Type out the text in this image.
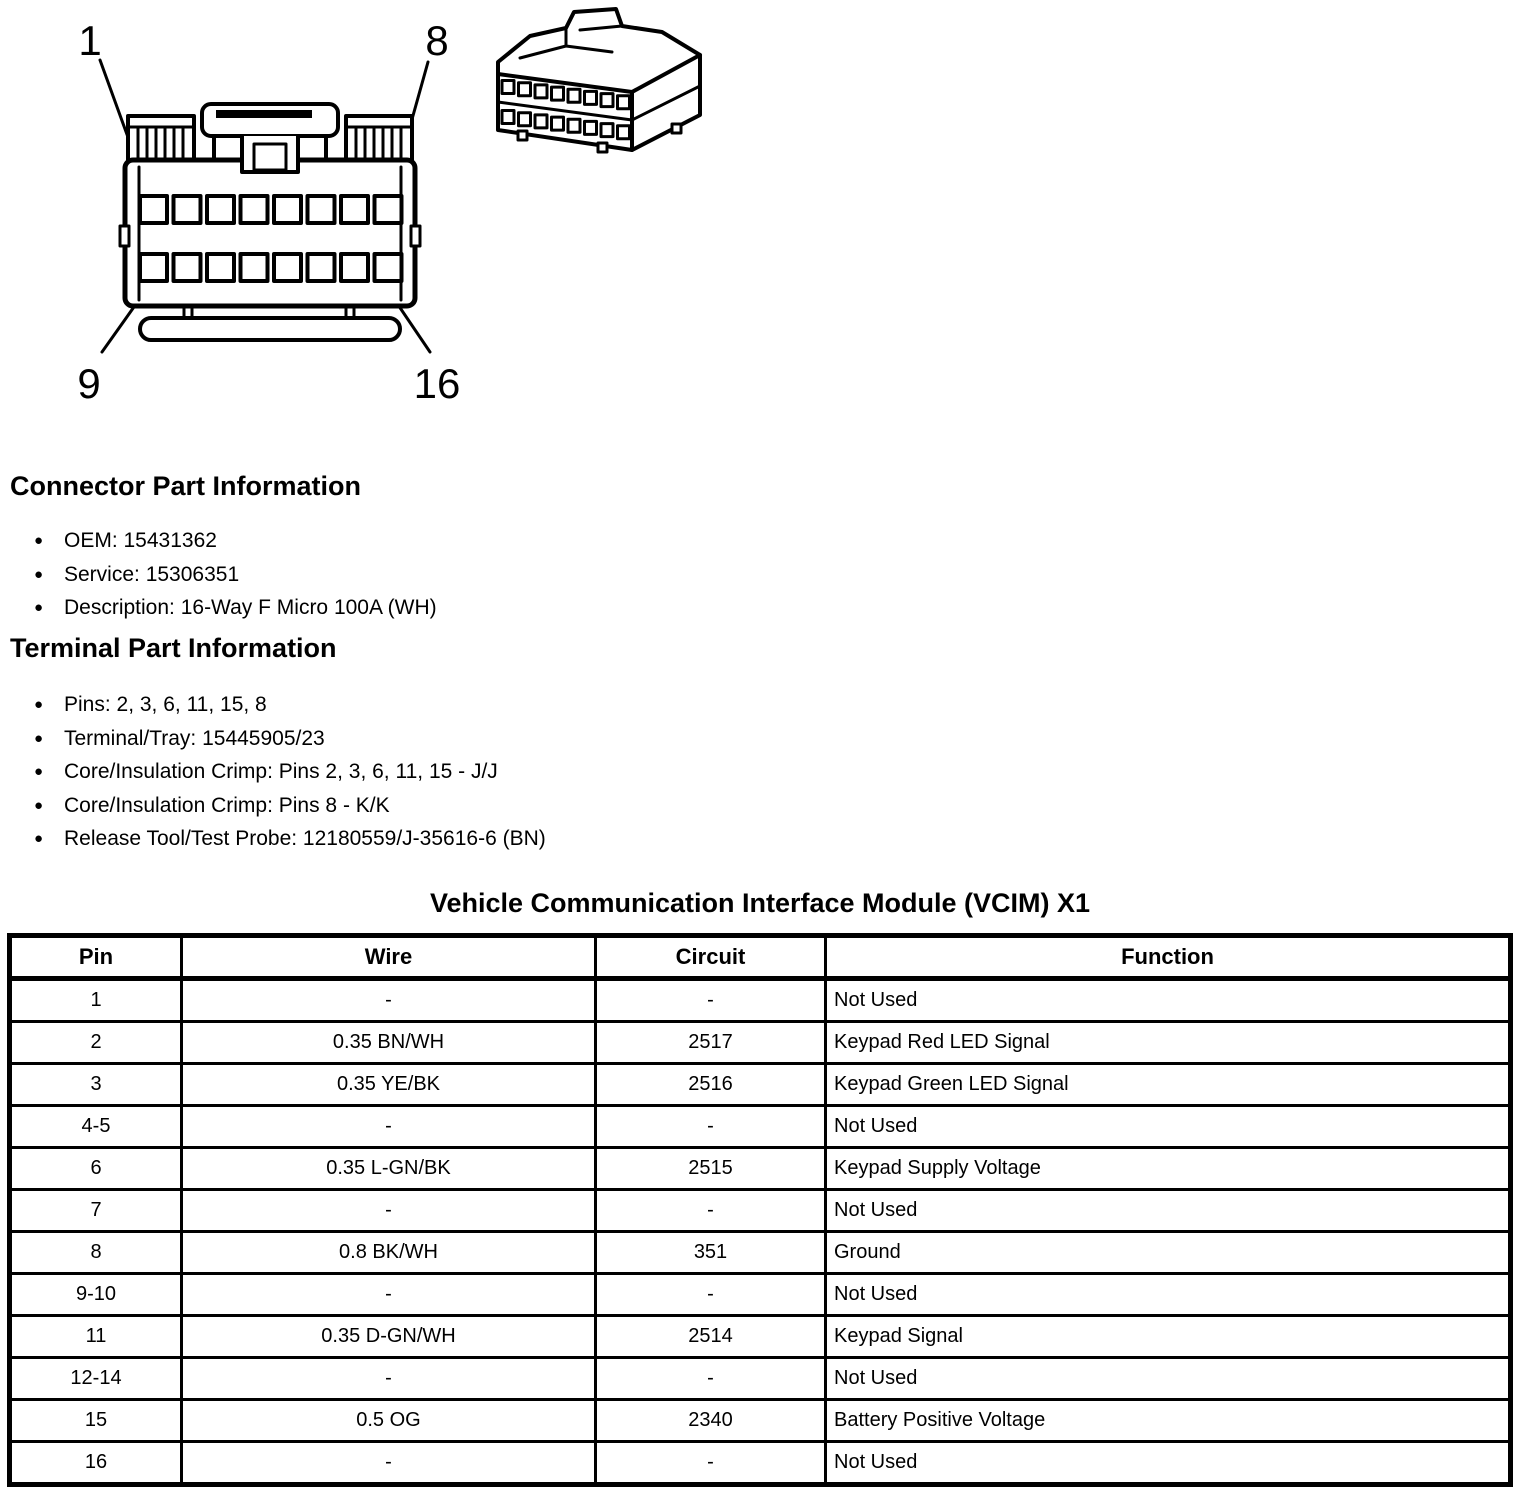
1	8
9	16
Connector Part Information
● OEM: 15431362
● Service: 15306351
● Description: 16-Way F Micro 100A (WH)
Terminal Part Information
● Pins: 2, 3, 6, 11, 15, 8
● Terminal/Tray: 15445905/23
● Core/Insulation Crimp: Pins 2, 3, 6, 11, 15 - J/J
● Core/Insulation Crimp: Pins 8 - K/K
● Release Tool/Test Probe: 12180559/J-35616-6 (BN)
Vehicle Communication Interface Module (VCIM) X1
Pin	Wire	Circuit	Function
1	-	-	Not Used
2	0.35 BN/WH	2517	Keypad Red LED Signal
3	0.35 YE/BK	2516	Keypad Green LED Signal
4-5	-	-	Not Used
6	0.35 L-GN/BK	2515	Keypad Supply Voltage
7	-	-	Not Used
8	0.8 BK/WH	351	Ground
9-10	-	-	Not Used
11	0.35 D-GN/WH	2514	Keypad Signal
12-14	-	-	Not Used
15	0.5 OG	2340	Battery Positive Voltage
16	-	-	Not Used
